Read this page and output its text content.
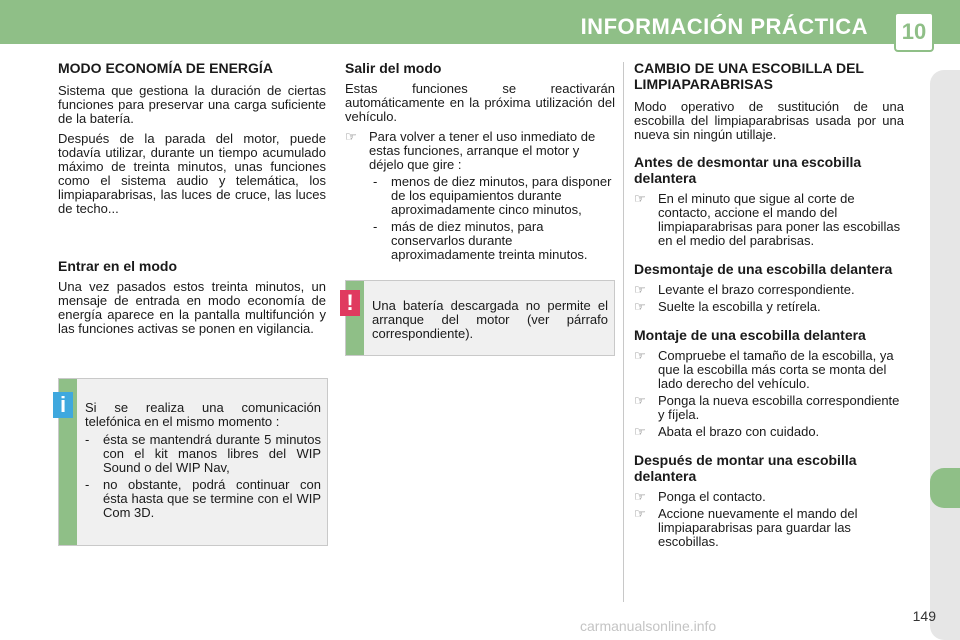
INFORMACIÓN PRÁCTICA	10
MODO ECONOMÍA DE ENERGÍA

Sistema que gestiona la duración de ciertas funciones para preservar una carga suficiente de la batería.

Después de la parada del motor, puede todavía utilizar, durante un tiempo acumulado máximo de treinta minutos, unas funciones como el sistema audio y telemática, los limpiaparabrisas, las luces de cruce, las luces de techo...

Entrar en el modo

Una vez pasados estos treinta minutos, un mensaje de entrada en modo economía de energía aparece en la pantalla multifunción y las funciones activas se ponen en vigilancia.

Si se realiza una comunicación telefónica en el mismo momento :
-	ésta se mantendrá durante 5 minutos con el kit manos libres del WIP Sound o del WIP Nav,
-	no obstante, podrá continuar con ésta hasta que se termine con el WIP Com 3D.
i
Salir del modo

Estas funciones se reactivarán automáticamente en la próxima utilización del vehículo.

☞ Para volver a tener el uso inmediato de estas funciones, arranque el motor y déjelo que gire :
-	menos de diez minutos, para disponer de los equipamientos durante aproximadamente cinco minutos,
-	más de diez minutos, para conservarlos durante aproximadamente treinta minutos.
Una batería descargada no permite el arranque del motor (ver párrafo correspondiente).
!
CAMBIO DE UNA ESCOBILLA DEL LIMPIAPARABRISAS

Modo operativo de sustitución de una escobilla del limpiaparabrisas usada por una nueva sin ningún utillaje.

Antes de desmontar una escobilla delantera
☞ En el minuto que sigue al corte de contacto, accione el mando del limpiaparabrisas para poner las escobillas en el medio del parabrisas.
Desmontaje de una escobilla delantera
☞ Levante el brazo correspondiente.
☞ Suelte la escobilla y retírela.
Montaje de una escobilla delantera
☞ Compruebe el tamaño de la escobilla, ya que la escobilla más corta se monta del lado derecho del vehículo.
☞ Ponga la nueva escobilla correspondiente y fíjela.
☞ Abata el brazo con cuidado.
Después de montar una escobilla delantera
☞ Ponga el contacto.
☞ Accione nuevamente el mando del limpiaparabrisas para guardar las escobillas.
149
carmanualsonline.info
